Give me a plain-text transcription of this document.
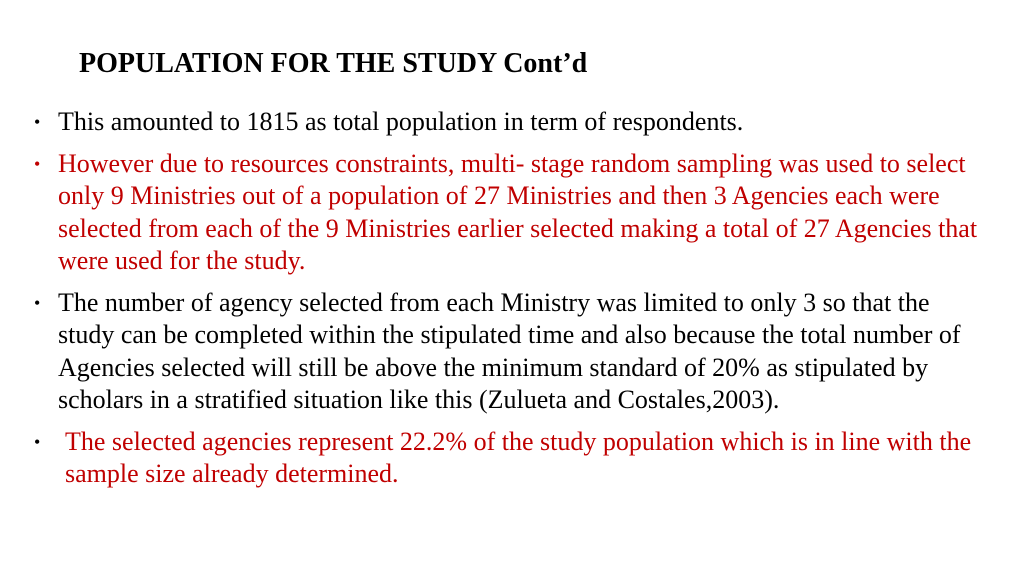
POPULATION FOR THE STUDY Cont’d
• This amounted to 1815 as total population in term of respondents.
• However due to resources constraints, multi- stage random sampling was used to select only 9 Ministries out of a population of 27 Ministries and then 3 Agencies each were selected from each of the 9 Ministries earlier selected making a total of 27 Agencies that were used for the study.
• The number of agency selected from each Ministry was limited to only 3 so that the study can be completed within the stipulated time and also because the total number of Agencies selected will still be above the minimum standard of 20% as stipulated by scholars in a stratified situation like this (Zulueta and Costales,2003).
• The selected agencies represent 22.2% of the study population which is in line with the sample size already determined.
